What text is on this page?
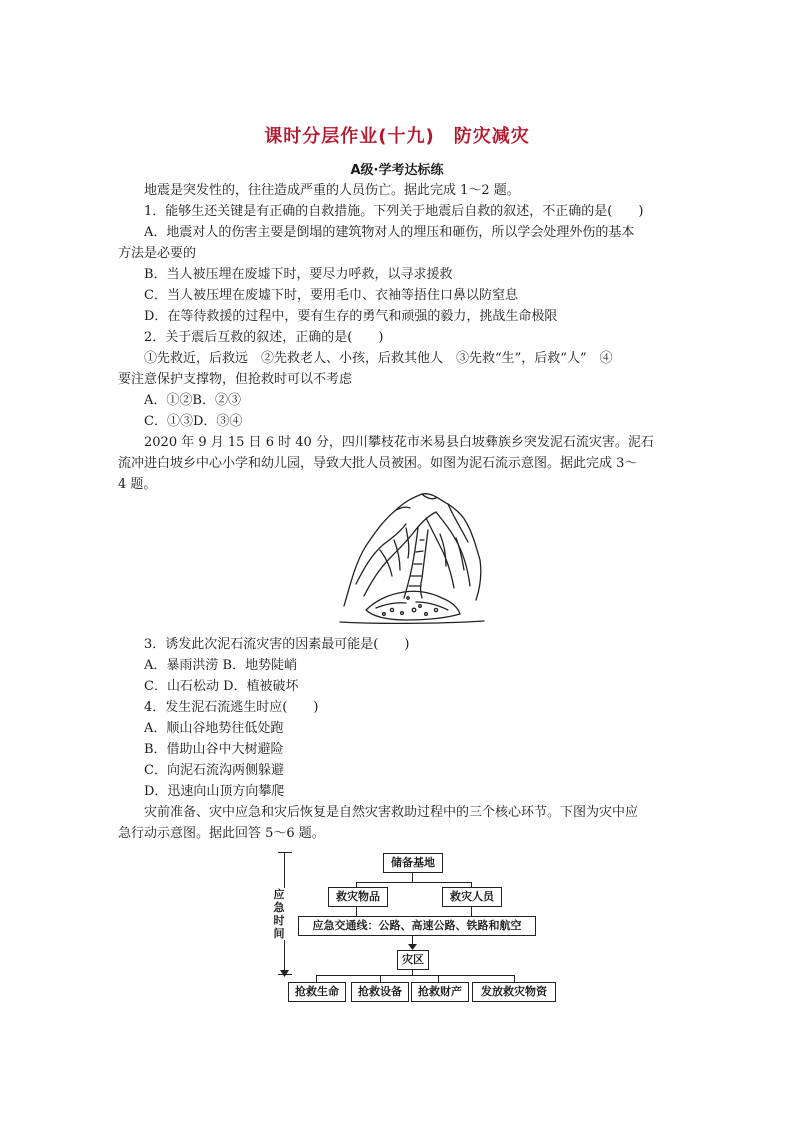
课时分层作业(十九)　防灾减灾
A级·学考达标练

地震是突发性的，往往造成严重的人员伤亡。据此完成 1～2 题。

1．能够生还关键是有正确的自救措施。下列关于地震后自救的叙述，不正确的是(　　)

A．地震对人的伤害主要是倒塌的建筑物对人的埋压和砸伤，所以学会处理外伤的基本

方法是必要的

B．当人被压埋在废墟下时，要尽力呼救，以寻求援救

C．当人被压埋在废墟下时，要用毛巾、衣袖等捂住口鼻以防窒息

D．在等待救援的过程中，要有生存的勇气和顽强的毅力，挑战生命极限

2．关于震后互救的叙述，正确的是(　　)

①先救近，后救远　②先救老人、小孩，后救其他人　③先救“生”，后救“人”　④

要注意保护支撑物，但抢救时可以不考虑

A．①②B．②③

C．①③D．③④

2020 年 9 月 15 日 6 时 40 分，四川攀枝花市米易县白坡彝族乡突发泥石流灾害。泥石

流冲进白坡乡中心小学和幼儿园，导致大批人员被困。如图为泥石流示意图。据此完成 3～

4 题。

3．诱发此次泥石流灾害的因素最可能是(　　)

A．暴雨洪涝 B．地势陡峭

C．山石松动 D．植被破坏

4．发生泥石流逃生时应(　　)

A．顺山谷地势往低处跑

B．借助山谷中大树避险

C．向泥石流沟两侧躲避

D．迅速向山顶方向攀爬

灾前准备、灾中应急和灾后恢复是自然灾害救助过程中的三个核心环节。下图为灾中应

急行动示意图。据此回答 5～6 题。

应急时间
储备基地
救灾物品	救灾人员
应急交通线：公路、高速公路、铁路和航空
灾区
抢救生命	抢救设备	抢救财产	发放救灾物资
